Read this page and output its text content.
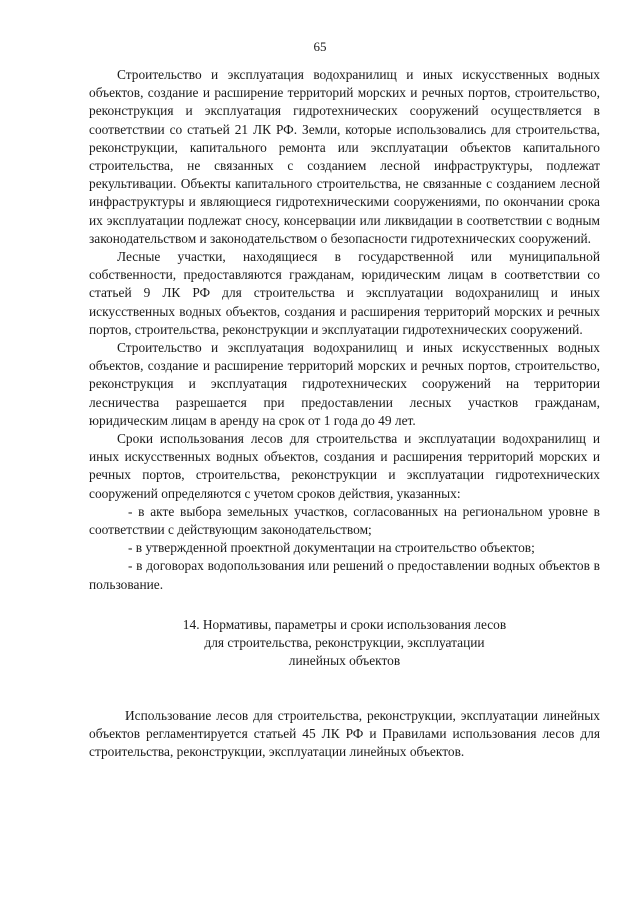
65

Строительство и эксплуатация водохранилищ и иных искусственных водных объектов, создание и расширение территорий морских и речных портов, строительство, реконструкция и эксплуатация гидротехнических сооружений осуществляется в соответствии со статьей 21 ЛК РФ. Земли, которые использовались для строительства, реконструкции, капитального ремонта или эксплуатации объектов капитального строительства, не связанных с созданием лесной инфраструктуры, подлежат рекультивации. Объекты капитального строительства, не связанные с созданием лесной инфраструктуры и являющиеся гидротехническими сооружениями, по окончании срока их эксплуатации подлежат сносу, консервации или ликвидации в соответствии с водным законодательством и законодательством о безопасности гидротехнических сооружений.

Лесные участки, находящиеся в государственной или муниципальной собственности, предоставляются гражданам, юридическим лицам в соответствии со статьей 9 ЛК РФ для строительства и эксплуатации водохранилищ и иных искусственных водных объектов, создания и расширения территорий морских и речных портов, строительства, реконструкции и эксплуатации гидротехнических сооружений.

Строительство и эксплуатация водохранилищ и иных искусственных водных объектов, создание и расширение территорий морских и речных портов, строительство, реконструкция и эксплуатация гидротехнических сооружений на территории лесничества разрешается при предоставлении лесных участков гражданам, юридическим лицам в аренду на срок от 1 года до 49 лет.

Сроки использования лесов для строительства и эксплуатации водохранилищ и иных искусственных водных объектов, создания и расширения территорий морских и речных портов, строительства, реконструкции и эксплуатации гидротехнических сооружений определяются с учетом сроков действия, указанных:

- в акте выбора земельных участков, согласованных на региональном уровне в соответствии с действующим законодательством;

- в утвержденной проектной документации на строительство объектов;

- в договорах водопользования или решений о предоставлении водных объектов в пользование.

14. Нормативы, параметры и сроки использования лесов
для строительства, реконструкции, эксплуатации
линейных объектов

Использование лесов для строительства, реконструкции, эксплуатации линейных объектов регламентируется статьей 45 ЛК РФ и Правилами использования лесов для строительства, реконструкции, эксплуатации линейных объектов.
